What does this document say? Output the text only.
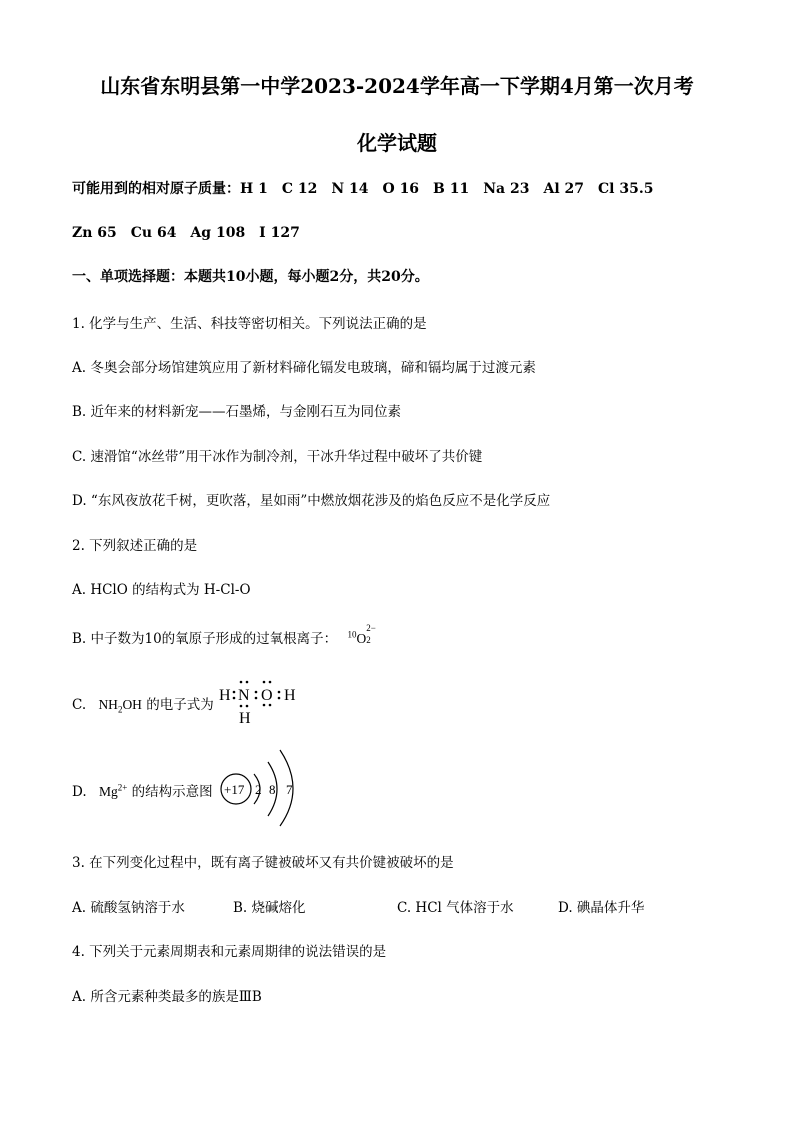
山东省东明县第一中学2023-2024学年高一下学期4月第一次月考
化学试题
可能用到的相对原子质量：H 1　C 12　N 14　O 16　B 11　Na 23　Al 27　Cl 35.5
Zn 65　Cu 64　Ag 108　I 127
一、单项选择题：本题共10小题，每小题2分，共20分。
1. 化学与生产、生活、科技等密切相关。下列说法正确的是
A. 冬奥会部分场馆建筑应用了新材料碲化镉发电玻璃，碲和镉均属于过渡元素
B. 近年来的材料新宠——石墨烯，与金刚石互为同位素
C. 速滑馆“冰丝带”用干冰作为制冷剂，干冰升华过程中破坏了共价键
D. “东风夜放花千树，更吹落，星如雨”中燃放烟花涉及的焰色反应不是化学反应
2. 下列叙述正确的是
A. HClO 的结构式为 H-Cl-O
B. 中子数为10的氧原子形成的过氧根离子： $^{10}$O
2−
2

C. $NH_2OH$ 的电子式为
H N O H
H
D. $Mg^{2+}$ 的结构示意图 +17 2 8 7
3. 在下列变化过程中，既有离子键被破坏又有共价键被破坏的是
A. 硫酸氢钠溶于水	B. 烧碱熔化	C. HCl 气体溶于水	D. 碘晶体升华
4. 下列关于元素周期表和元素周期律的说法错误的是
A. 所含元素种类最多的族是ⅢB
